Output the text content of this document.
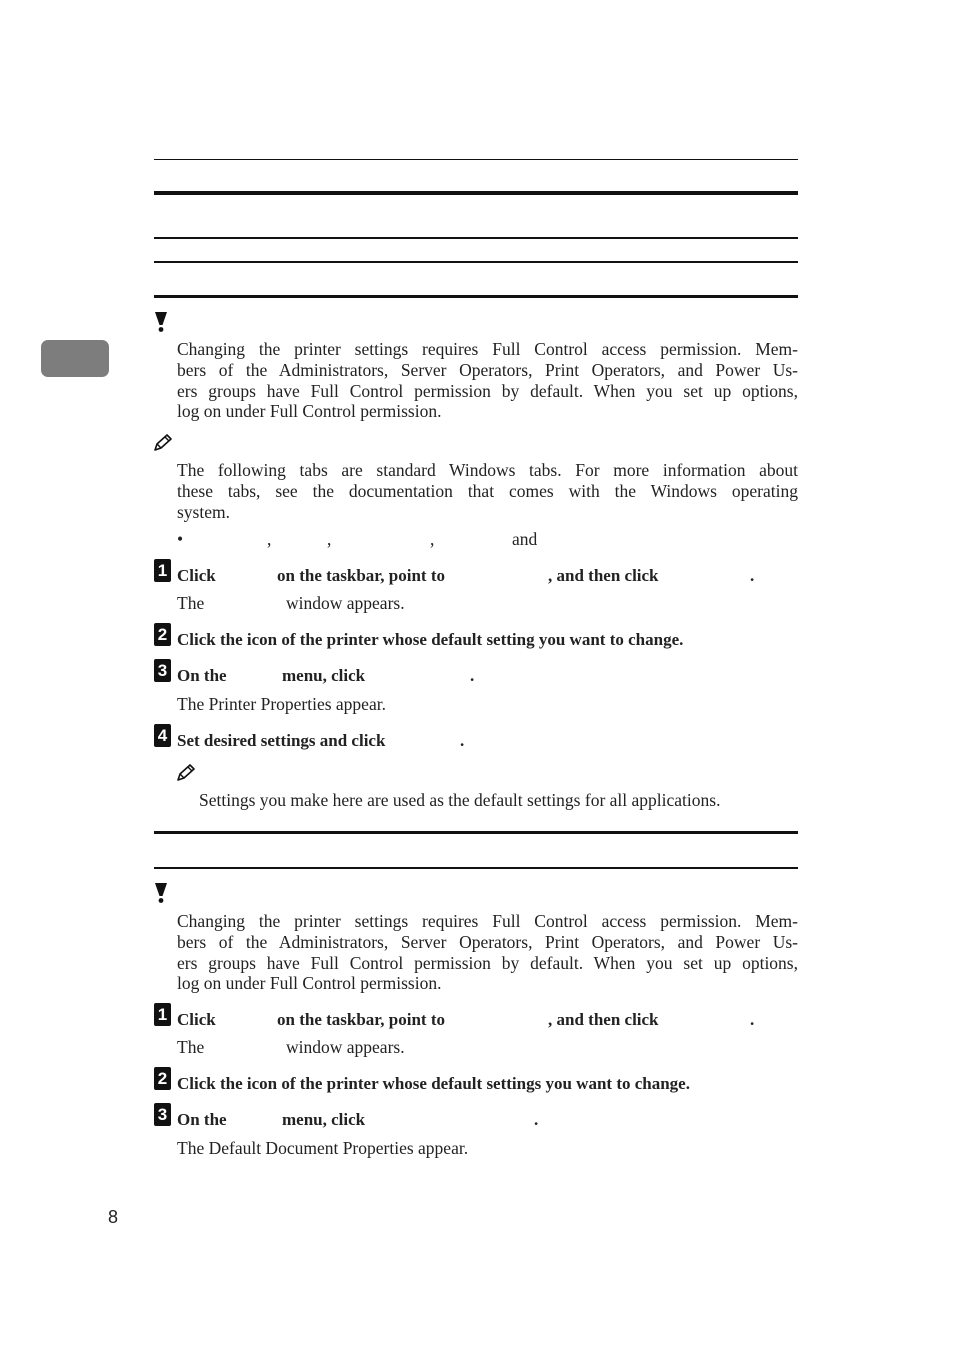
Changing the printer settings requires Full Control access permission. Mem-
bers of the Administrators, Server Operators, Print Operators, and Power Us-
ers groups have Full Control permission by default. When you set up options,
log on under Full Control permission.
The following tabs are standard Windows tabs. For more information about
these tabs, see the documentation that comes with the Windows operating
system.
•	,	,	,	and
1 Click	on the taskbar, point to	, and then click	.
The	window appears.
2 Click the icon of the printer whose default setting you want to change.
3 On the	menu, click	.
The Printer Properties appear.
4 Set desired settings and click	.
Settings you make here are used as the default settings for all applications.
Changing the printer settings requires Full Control access permission. Mem-
bers of the Administrators, Server Operators, Print Operators, and Power Us-
ers groups have Full Control permission by default. When you set up options,
log on under Full Control permission.
1 Click	on the taskbar, point to	, and then click	.
The	window appears.
2 Click the icon of the printer whose default settings you want to change.
3 On the	menu, click	.
The Default Document Properties appear.
8
